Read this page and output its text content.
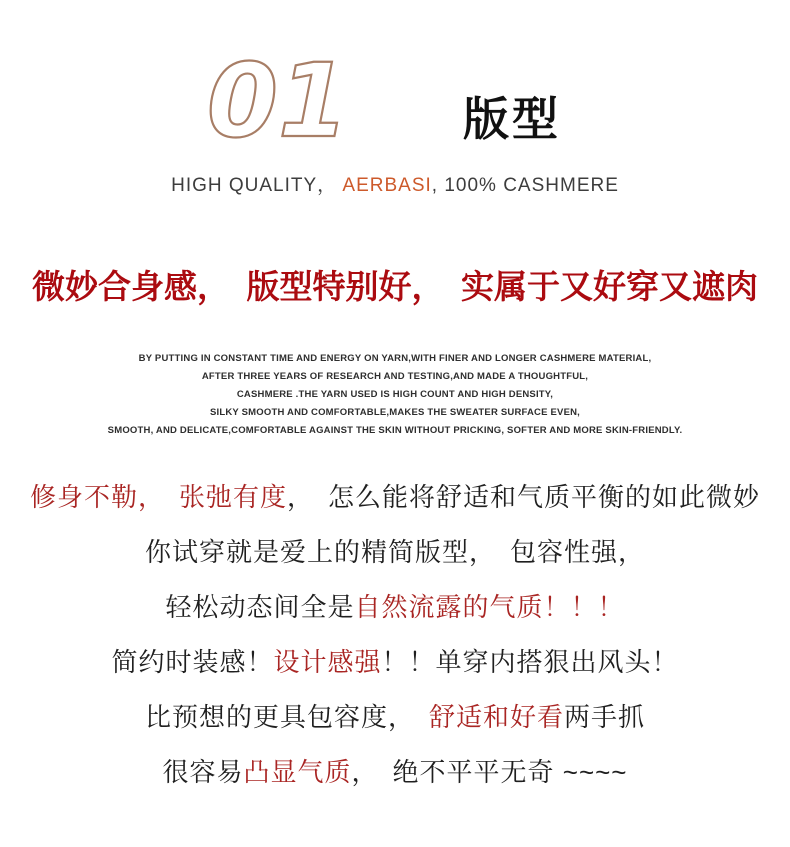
01 版型
HIGH QUALITY， AERBASI, 100% CASHMERE
微妙合身感，　版型特别好，　实属于又好穿又遮肉
BY PUTTING IN CONSTANT TIME AND ENERGY ON YARN,WITH FINER AND LONGER CASHMERE MATERIAL,
AFTER THREE YEARS OF RESEARCH AND TESTING,AND MADE A THOUGHTFUL,
CASHMERE .THE YARN USED IS HIGH COUNT AND HIGH DENSITY,
SILKY SMOOTH AND COMFORTABLE,MAKES THE SWEATER SURFACE EVEN,
SMOOTH, AND DELICATE,COMFORTABLE AGAINST THE SKIN WITHOUT PRICKING, SOFTER AND MORE SKIN-FRIENDLY.
修身不勒，　张弛有度，　怎么能将舒适和气质平衡的如此微妙
你试穿就是爱上的精简版型，　包容性强，
轻松动态间全是自然流露的气质！！！
简约时装感！设计感强！！单穿内搭狠出风头！
比预想的更具包容度，　舒适和好看两手抓
很容易凸显气质，　绝不平平无奇 ~~~~
